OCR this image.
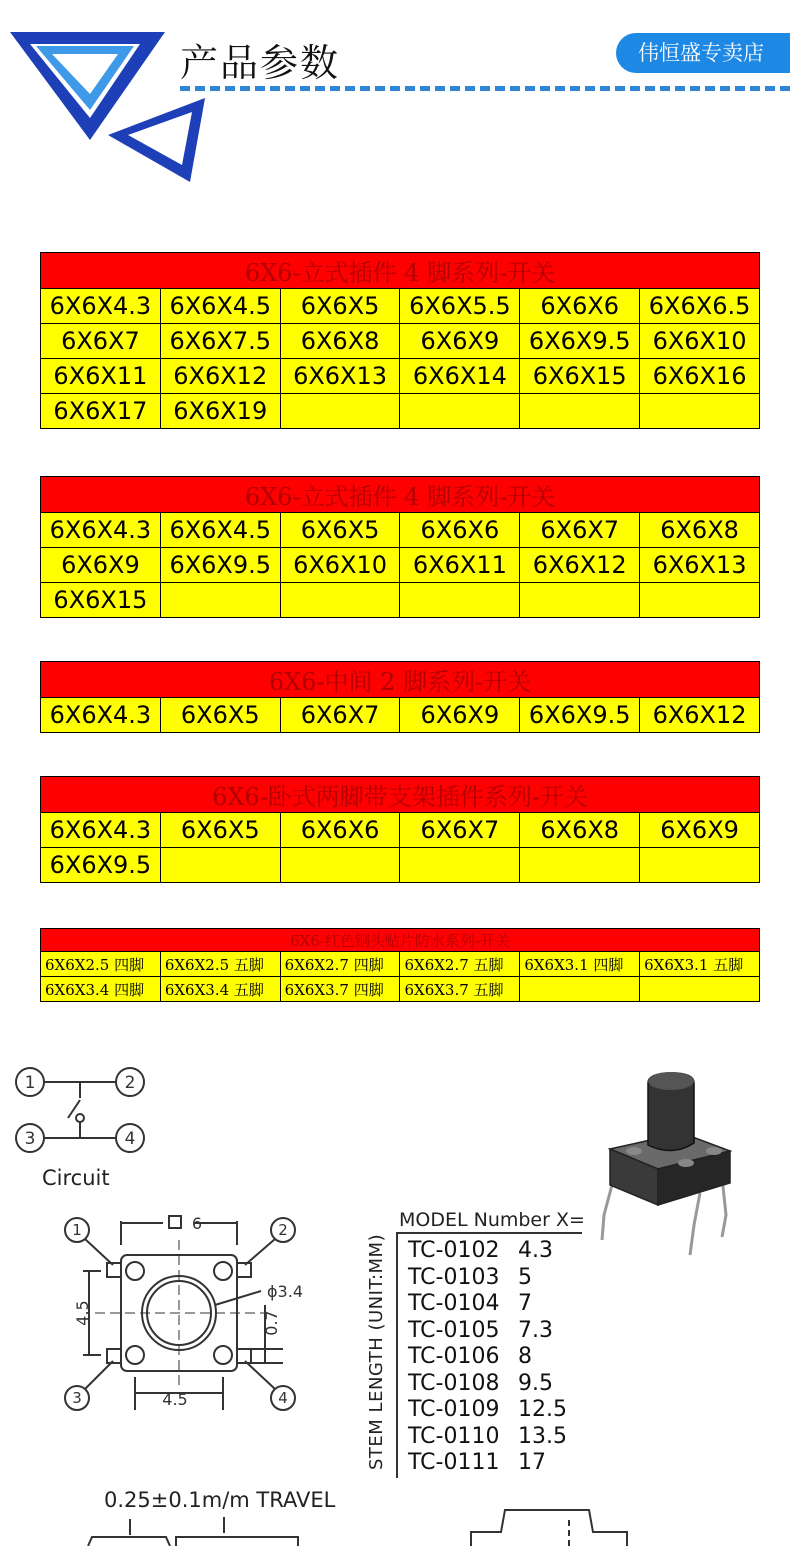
产品参数	伟恒盛专卖店
6X6-立式插件 4 脚系列-开关					
6X6X4.3	6X6X4.5	6X6X5	6X6X5.5	6X6X6	6X6X6.5
6X6X7	6X6X7.5	6X6X8	6X6X9	6X6X9.5	6X6X10
6X6X11	6X6X12	6X6X13	6X6X14	6X6X15	6X6X16
6X6X17	6X6X19				
6X6-立式插件 4 脚系列-开关					
6X6X4.3	6X6X4.5	6X6X5	6X6X6	6X6X7	6X6X8
6X6X9	6X6X9.5	6X6X10	6X6X11	6X6X12	6X6X13
6X6X15					
6X6-中间 2 脚系列-开关
6X6X4.3	6X6X5	6X6X7	6X6X9	6X6X9.5	6X6X12
6X6-卧式两脚带支架插件系列-开关					
6X6X4.3	6X6X5	6X6X6	6X6X7	6X6X8	6X6X9
6X6X9.5					
6X6-红色铜头贴片防水系列-开关					
6X6X2.5 四脚	6X6X2.5 五脚	6X6X2.7 四脚	6X6X2.7 五脚	6X6X3.1 四脚	6X6X3.1 五脚
6X6X3.4 四脚	6X6X3.4 五脚	6X6X3.7 四脚	6X6X3.7 五脚		
1	2
3	4
Circuit
1	2
3	4
6
4.5
ϕ3.4
4.5	0.7
MODEL Number X=
STEM LENGTH (UNIT:MM) TC-0102 4.3
TC-0103 5
TC-0104 7
TC-0105 7.3
TC-0106 8
TC-0108 9.5
TC-0109 12.5
TC-0110 13.5
TC-0111 17
0.25±0.1m/m TRAVEL
